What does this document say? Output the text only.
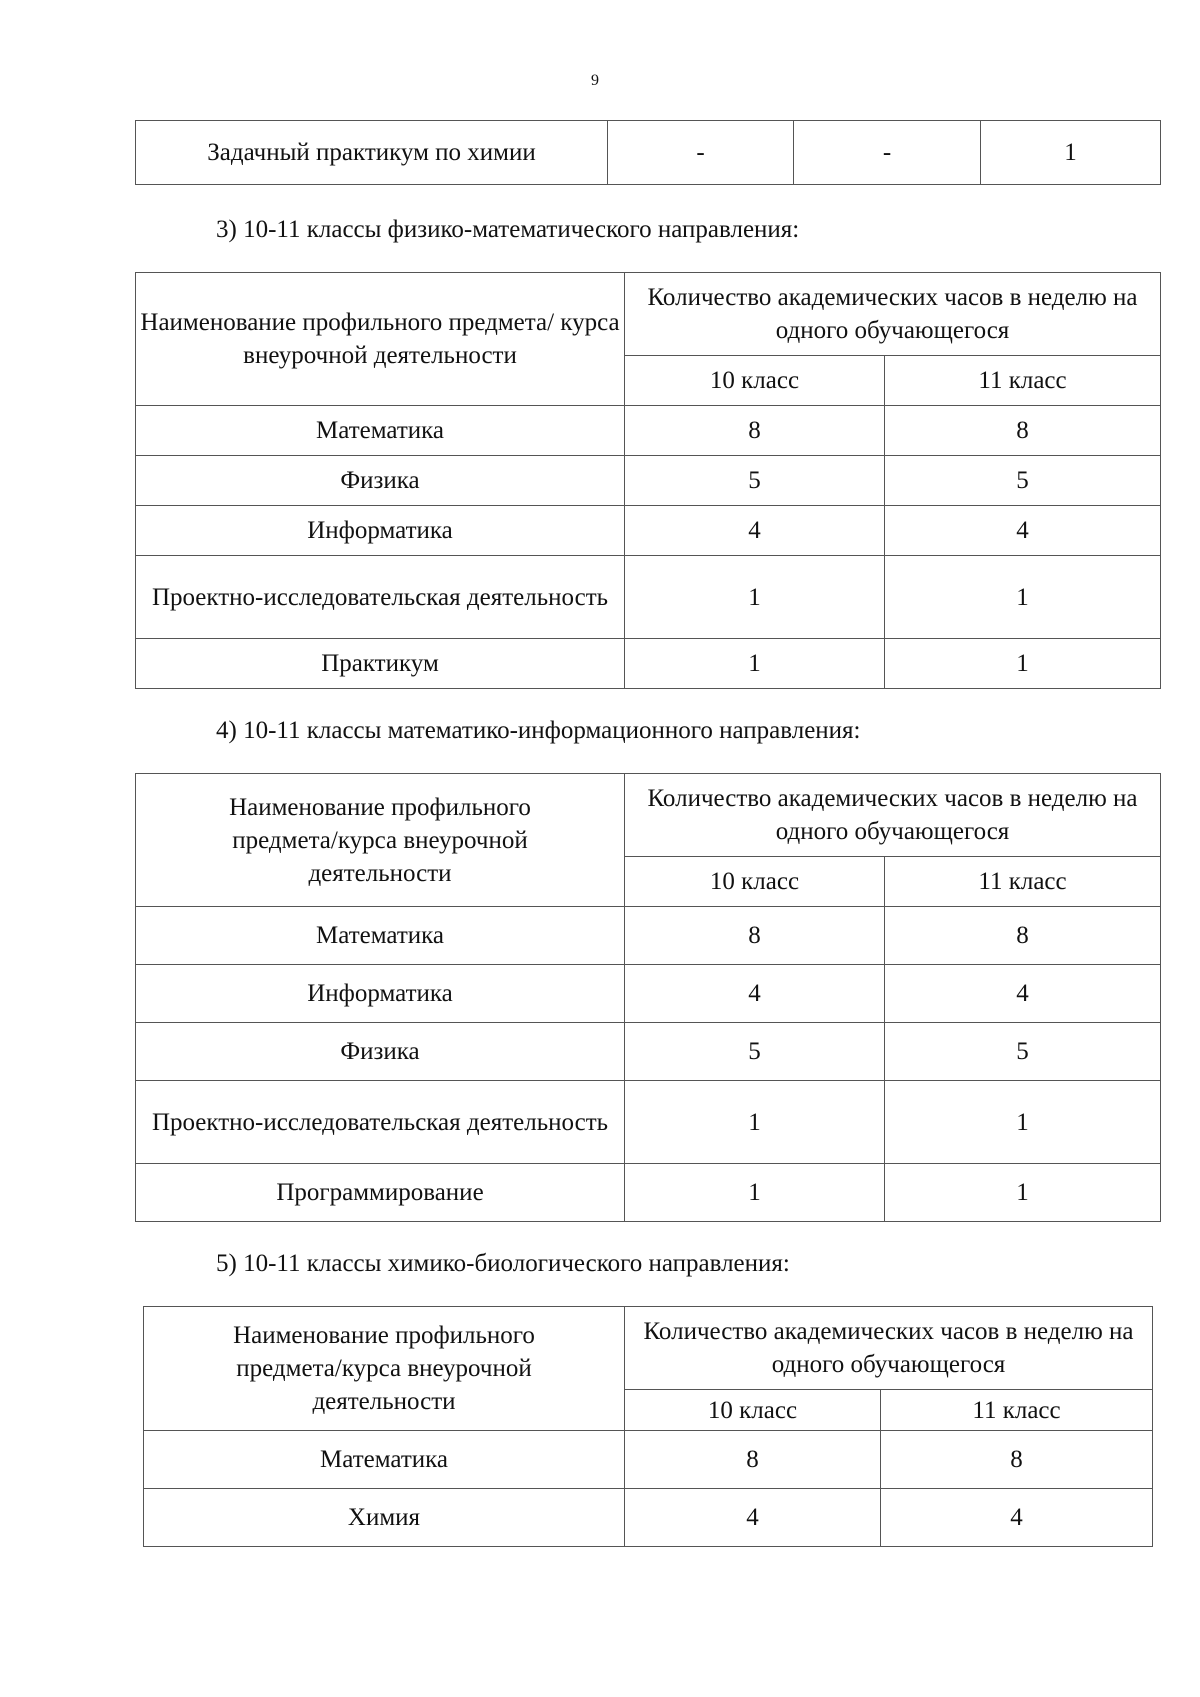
9
Задачный практикум по химии	-	-	1
3) 10-11 классы физико-математического направления:
Наименование профильного предмета/ курса внеурочной деятельности	Количество академических часов в неделю на одного обучающегося	
	10 класс	11 класс
Математика	8	8
Физика	5	5
Информатика	4	4
Проектно-исследовательская деятельность	1	1
Практикум	1	1
4) 10-11 классы математико-информационного направления:
Наименование профильного предмета/курса внеурочной деятельности	Количество академических часов в неделю на одного обучающегося	
	10 класс	11 класс
Математика	8	8
Информатика	4	4
Физика	5	5
Проектно-исследовательская деятельность	1	1
Программирование	1	1
5) 10-11 классы химико-биологического направления:
Наименование профильного предмета/курса внеурочной деятельности	Количество академических часов в неделю на одного обучающегося	
	10 класс	11 класс
Математика	8	8
Химия	4	4
